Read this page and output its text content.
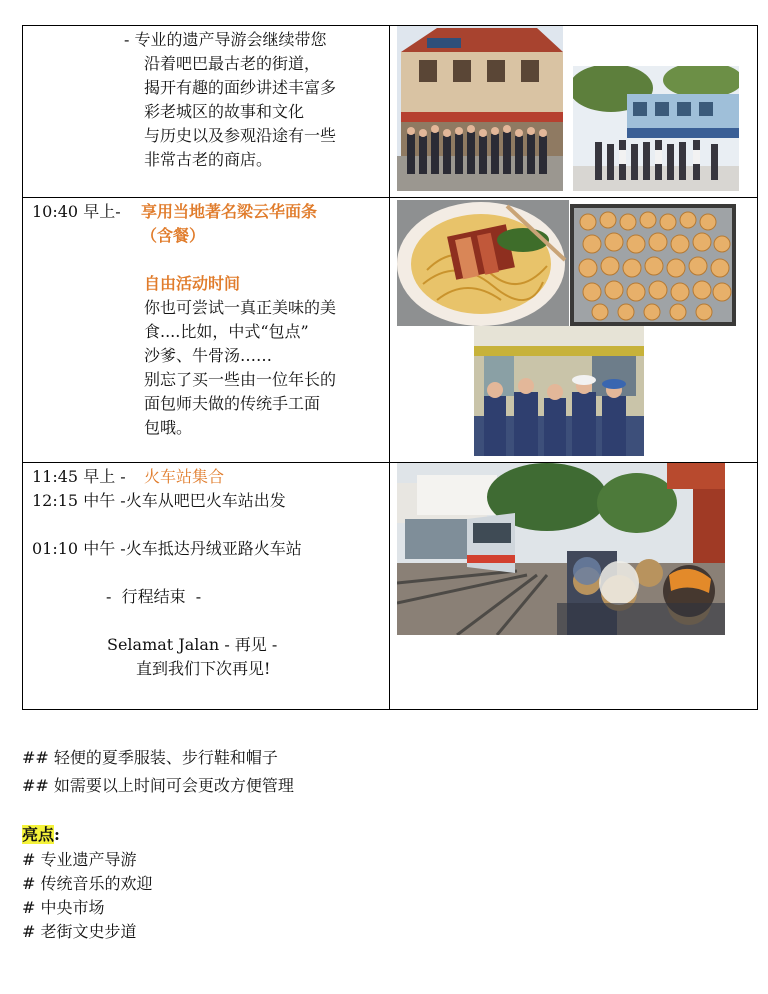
- 专业的遗产导游会继续带您
沿着吧巴最古老的街道，
揭开有趣的面纱讲述丰富多
彩老城区的故事和文化
与历史以及参观沿途有一些
非常古老的商店。
10:40 早上- 享用当地著名梁云华面条
（含餐）
自由活动时间
你也可尝试一真正美味的美
食....比如，中式“包点”
沙爹、牛骨汤……
别忘了买一些由一位年长的
面包师夫做的传统手工面
包哦。
11:45 早上 - 火车站集合
12:15 中午 -火车从吧巴火车站出发
01:10 中午 -火车抵达丹绒亚路火车站
-  行程结束  -
Selamat Jalan - 再见 -
直到我们下次再见!
## 轻便的夏季服装、步行鞋和帽子
## 如需要以上时间可会更改方便管理
亮点:
# 专业遗产导游
# 传统音乐的欢迎
# 中央市场
# 老街文史步道
